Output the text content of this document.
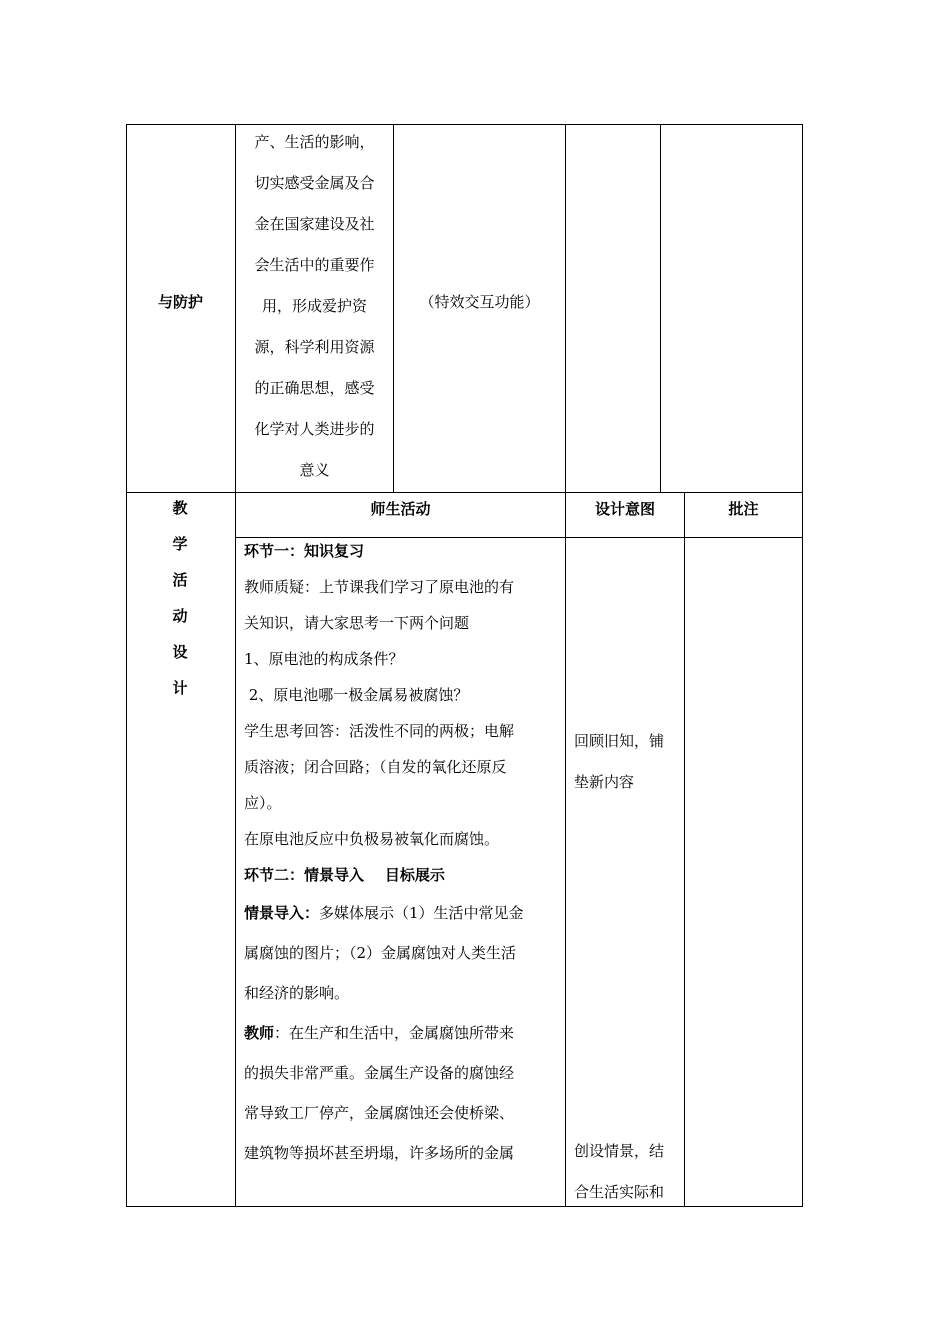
与防护
产、生活的影响，
切实感受金属及合
金在国家建设及社
会生活中的重要作
用，形成爱护资
源，科学利用资源
的正确思想，感受
化学对人类进步的
意义
（特效交互功能）
师生活动	设计意图	批注
教
学
活
动
设
计
环节一：知识复习
教师质疑：上节课我们学习了原电池的有
关知识，请大家思考一下两个问题
1、原电池的构成条件？
2、原电池哪一极金属易被腐蚀？
学生思考回答：活泼性不同的两极；电解
质溶液；闭合回路；（自发的氧化还原反
应）。
在原电池反应中负极易被氧化而腐蚀。
环节二：情景导入    目标展示
情景导入：多媒体展示（1）生活中常见金
属腐蚀的图片；（2）金属腐蚀对人类生活
和经济的影响。
教师：在生产和生活中，金属腐蚀所带来
的损失非常严重。金属生产设备的腐蚀经
常导致工厂停产，金属腐蚀还会使桥梁、
建筑物等损坏甚至坍塌，许多场所的金属
回顾旧知，铺
垫新内容
创设情景，结
合生活实际和
